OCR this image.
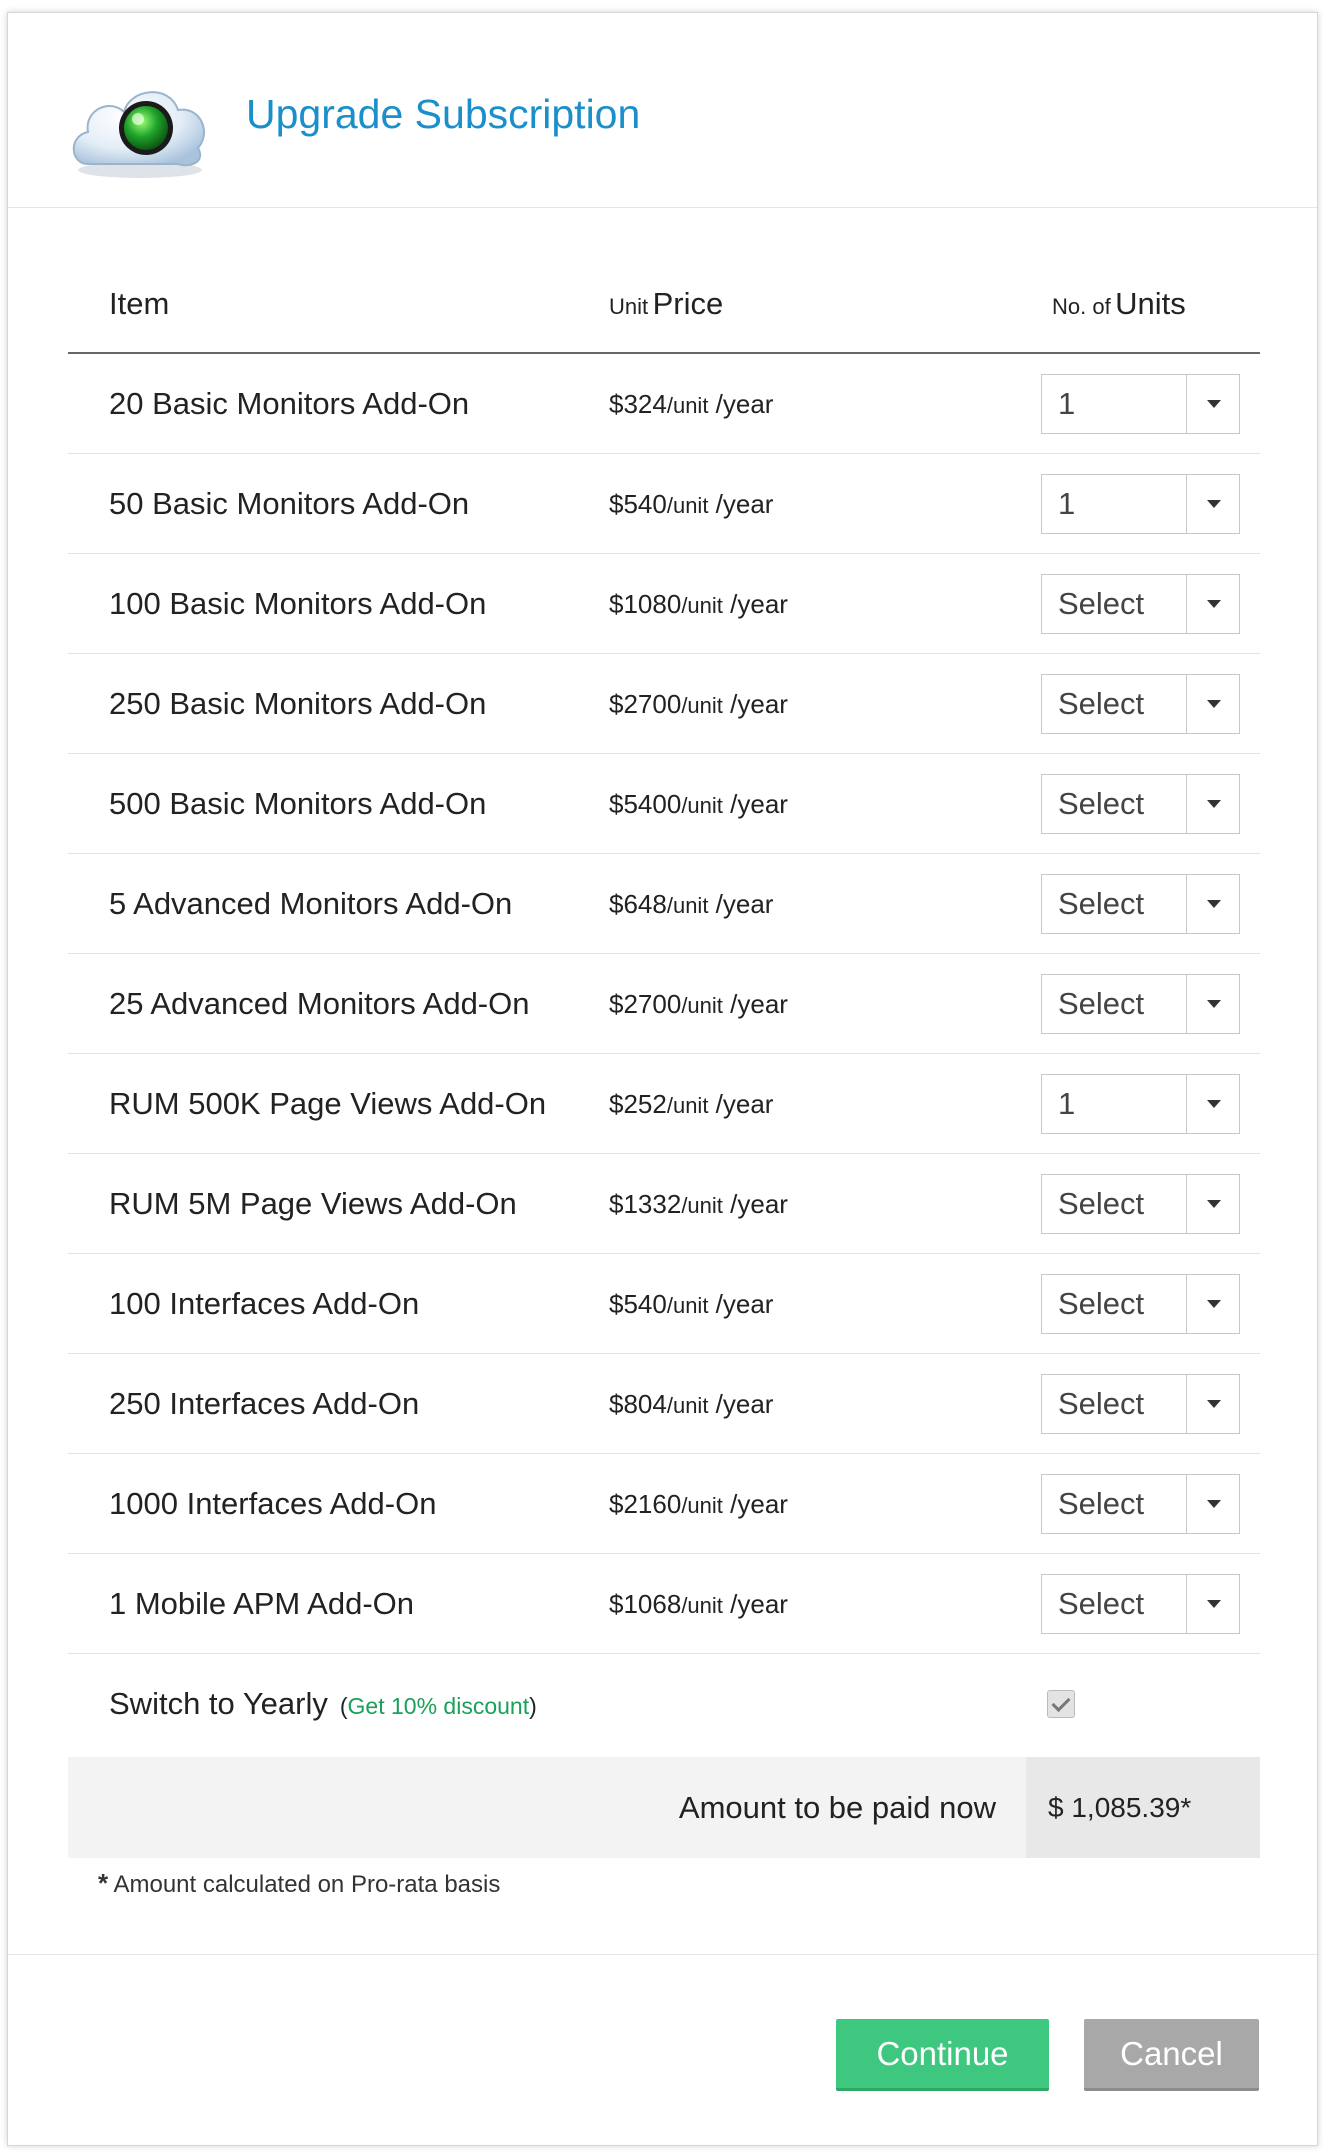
Upgrade Subscription
Item	Unit Price	No. of Units
20 Basic Monitors Add-On	$324/unit /year	1
50 Basic Monitors Add-On	$540/unit /year	1
100 Basic Monitors Add-On	$1080/unit /year	Select
250 Basic Monitors Add-On	$2700/unit /year	Select
500 Basic Monitors Add-On	$5400/unit /year	Select
5 Advanced Monitors Add-On	$648/unit /year	Select
25 Advanced Monitors Add-On	$2700/unit /year	Select
RUM 500K Page Views Add-On $252/unit /year	1
RUM 5M Page Views Add-On	$1332/unit /year	Select
100 Interfaces Add-On	$540/unit /year	Select
250 Interfaces Add-On	$804/unit /year	Select
1000 Interfaces Add-On	$2160/unit /year	Select
1 Mobile APM Add-On	$1068/unit /year	Select
Switch to Yearly (Get 10% discount)
Amount to be paid now	$ 1,085.39*
* Amount calculated on Pro-rata basis
Continue	Cancel
